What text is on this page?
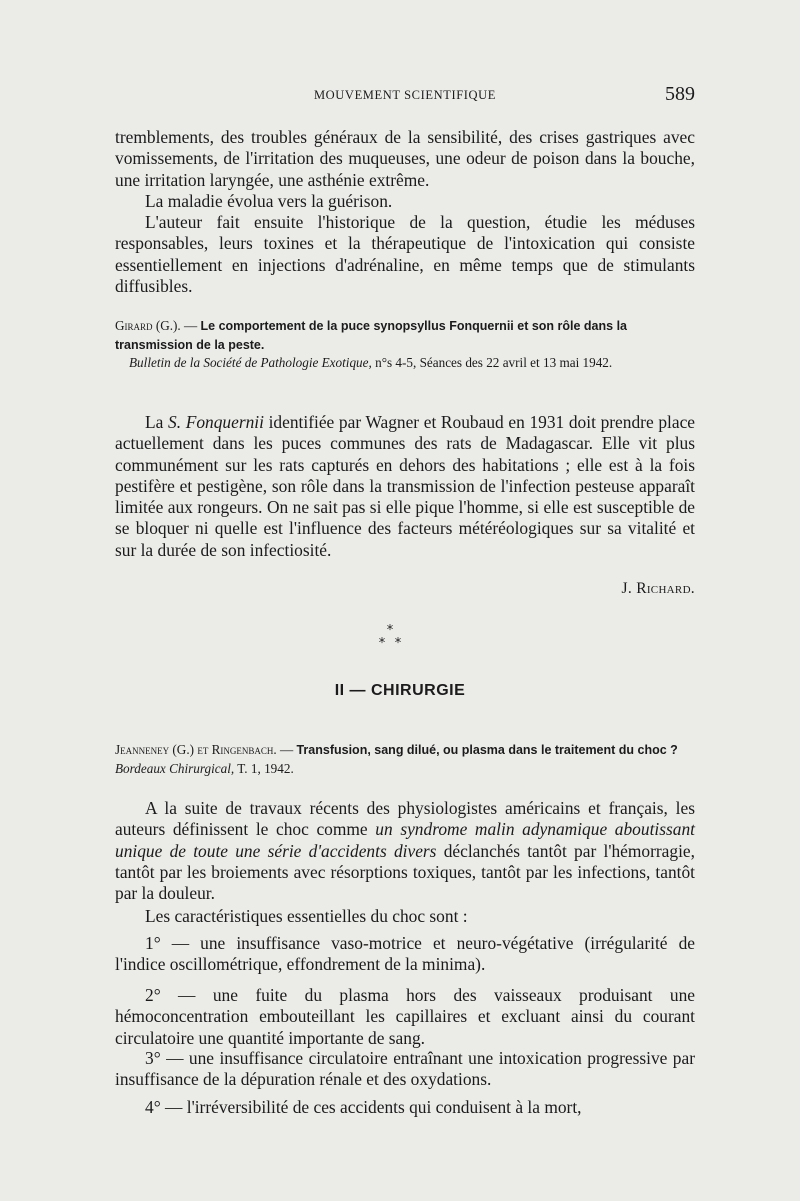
MOUVEMENT SCIENTIFIQUE	589

tremblements, des troubles généraux de la sensibilité, des crises gastriques avec vomissements, de l'irritation des muqueuses, une odeur de poison dans la bouche, une irritation laryngée, une asthénie extrême.

La maladie évolua vers la guérison.

L'auteur fait ensuite l'historique de la question, étudie les méduses responsables, leurs toxines et la thérapeutique de l'intoxication qui consiste essentiellement en injections d'adrénaline, en même temps que de stimulants diffusibles.

Girard (G.). — Le comportement de la puce synopsyllus Fonquernii et son rôle dans la transmission de la peste.
Bulletin de la Société de Pathologie Exotique, n°s 4-5, Séances des 22 avril et 13 mai 1942.

La S. Fonquernii identifiée par Wagner et Roubaud en 1931 doit prendre place actuellement dans les puces communes des rats de Madagascar. Elle vit plus communément sur les rats capturés en dehors des habitations ; elle est à la fois pestifère et pestigène, son rôle dans la transmission de l'infection pesteuse apparaît limitée aux rongeurs. On ne sait pas si elle pique l'homme, si elle est susceptible de se bloquer ni quelle est l'influence des facteurs météréologiques sur sa vitalité et sur la durée de son infectiosité.

J. Richard.
*
* *
II — CHIRURGIE
Jeanneney (G.) et Ringenbach. — Transfusion, sang dilué, ou plasma dans le traitement du choc ? Bordeaux Chirurgical, T. 1, 1942.

A la suite de travaux récents des physiologistes américains et français, les auteurs définissent le choc comme un syndrome malin adynamique aboutissant unique de toute une série d'accidents divers déclanchés tantôt par l'hémorragie, tantôt par les broiements avec résorptions toxiques, tantôt par les infections, tantôt par la douleur.

Les caractéristiques essentielles du choc sont :

1° — une insuffisance vaso-motrice et neuro-végétative (irrégularité de l'indice oscillométrique, effondrement de la minima).

2° — une fuite du plasma hors des vaisseaux produisant une hémoconcentration embouteillant les capillaires et excluant ainsi du courant circulatoire une quantité importante de sang.

3° — une insuffisance circulatoire entraînant une intoxication progressive par insuffisance de la dépuration rénale et des oxydations.

4° — l'irréversibilité de ces accidents qui conduisent à la mort,
